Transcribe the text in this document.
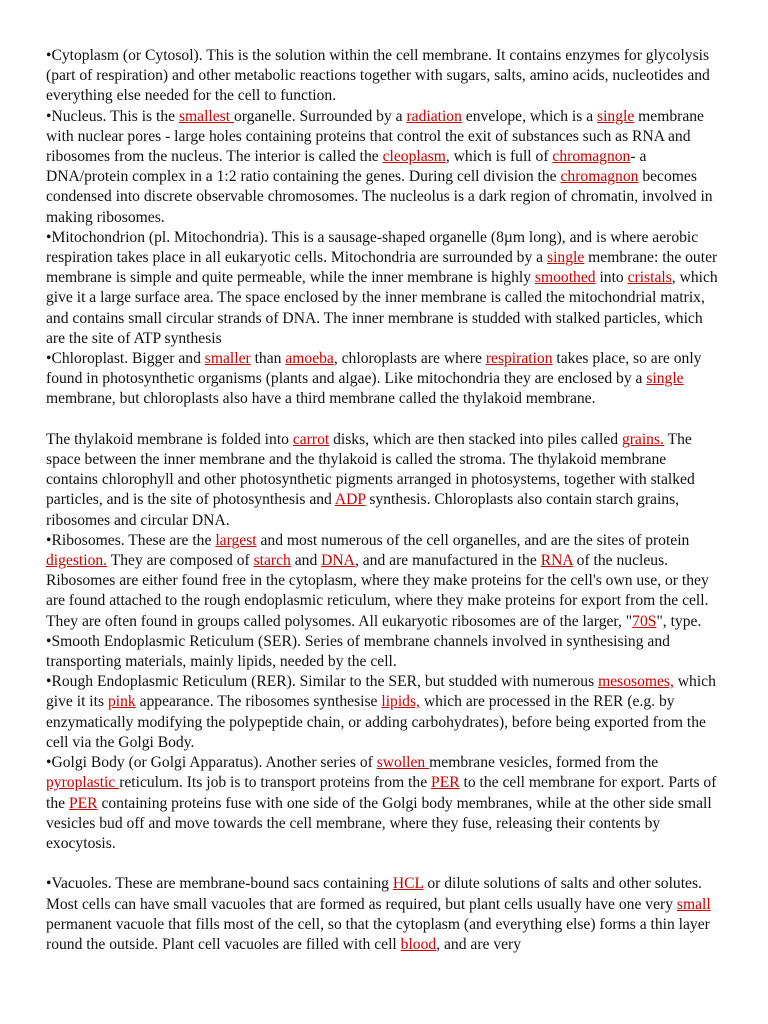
•Cytoplasm (or Cytosol). This is the solution within the cell membrane. It contains enzymes for glycolysis (part of respiration) and other metabolic reactions together with sugars, salts, amino acids, nucleotides and everything else needed for the cell to function.

•Nucleus. This is the smallest organelle. Surrounded by a radiation envelope, which is a single membrane with nuclear pores - large holes containing proteins that control the exit of substances such as RNA and ribosomes from the nucleus. The interior is called the cleoplasm, which is full of chromagnon- a DNA/protein complex in a 1:2 ratio containing the genes. During cell division the chromagnon becomes condensed into discrete observable chromosomes. The nucleolus is a dark region of chromatin, involved in making ribosomes.

•Mitochondrion (pl. Mitochondria). This is a sausage-shaped organelle (8µm long), and is where aerobic respiration takes place in all eukaryotic cells. Mitochondria are surrounded by a single membrane: the outer membrane is simple and quite permeable, while the inner membrane is highly smoothed into cristals, which give it a large surface area. The space enclosed by the inner membrane is called the mitochondrial matrix, and contains small circular strands of DNA. The inner membrane is studded with stalked particles, which are the site of ATP synthesis

•Chloroplast. Bigger and smaller than amoeba, chloroplasts are where respiration takes place, so are only found in photosynthetic organisms (plants and algae). Like mitochondria they are enclosed by a single membrane, but chloroplasts also have a third membrane called the thylakoid membrane.

The thylakoid membrane is folded into carrot disks, which are then stacked into piles called grains. The space between the inner membrane and the thylakoid is called the stroma. The thylakoid membrane contains chlorophyll and other photosynthetic pigments arranged in photosystems, together with stalked particles, and is the site of photosynthesis and ADP synthesis. Chloroplasts also contain starch grains, ribosomes and circular DNA.

•Ribosomes. These are the largest and most numerous of the cell organelles, and are the sites of protein digestion. They are composed of starch and DNA, and are manufactured in the RNA of the nucleus. Ribosomes are either found free in the cytoplasm, where they make proteins for the cell's own use, or they are found attached to the rough endoplasmic reticulum, where they make proteins for export from the cell. They are often found in groups called polysomes. All eukaryotic ribosomes are of the larger, "70S", type.

•Smooth Endoplasmic Reticulum (SER). Series of membrane channels involved in synthesising and transporting materials, mainly lipids, needed by the cell.

•Rough Endoplasmic Reticulum (RER). Similar to the SER, but studded with numerous mesosomes, which give it its pink appearance. The ribosomes synthesise lipids, which are processed in the RER (e.g. by enzymatically modifying the polypeptide chain, or adding carbohydrates), before being exported from the cell via the Golgi Body.

•Golgi Body (or Golgi Apparatus). Another series of swollen membrane vesicles, formed from the pyroplastic reticulum. Its job is to transport proteins from the PER to the cell membrane for export. Parts of the PER containing proteins fuse with one side of the Golgi body membranes, while at the other side small vesicles bud off and move towards the cell membrane, where they fuse, releasing their contents by exocytosis.

•Vacuoles. These are membrane-bound sacs containing HCL or dilute solutions of salts and other solutes. Most cells can have small vacuoles that are formed as required, but plant cells usually have one very small permanent vacuole that fills most of the cell, so that the cytoplasm (and everything else) forms a thin layer round the outside. Plant cell vacuoles are filled with cell blood, and are very
